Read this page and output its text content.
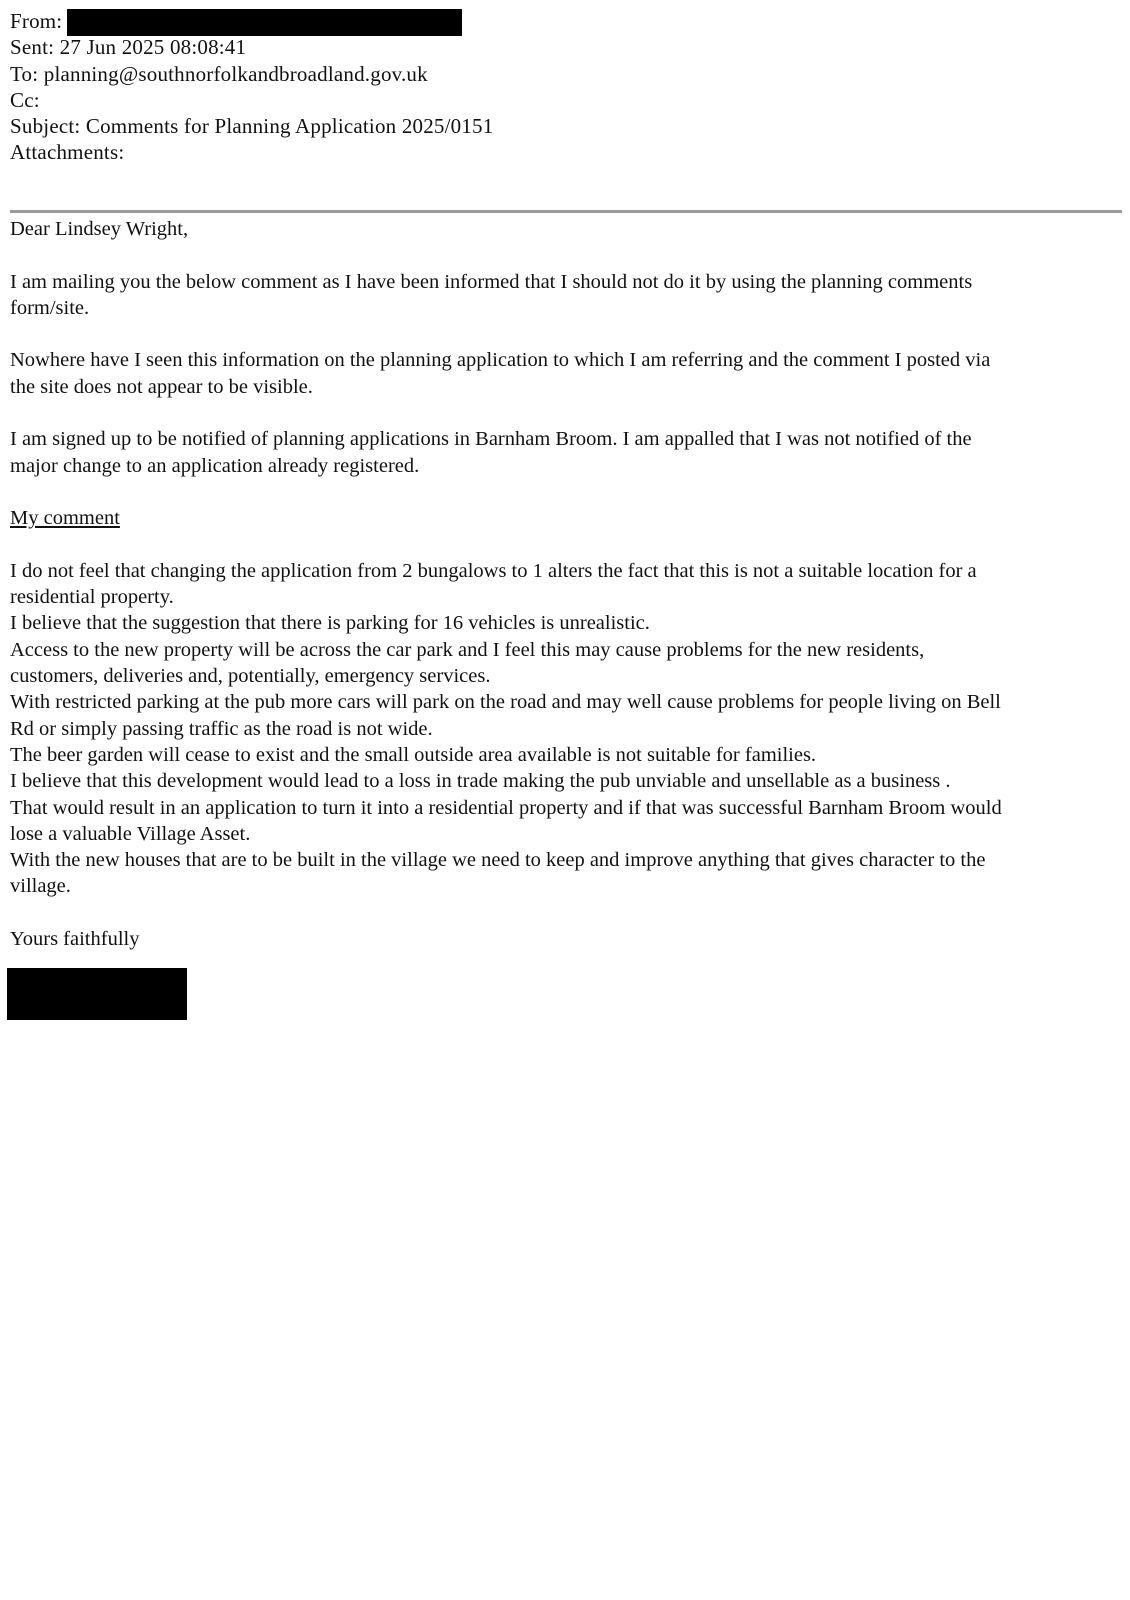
From:
Sent: 27 Jun 2025 08:08:41
To: planning@southnorfolkandbroadland.gov.uk
Cc:
Subject: Comments for Planning Application 2025/0151
Attachments:

Dear Lindsey Wright,

I am mailing you the below comment as I have been informed that I should not do it by using the planning comments
form/site.

Nowhere have I seen this information on the planning application to which I am referring and the comment I posted via
the site does not appear to be visible.

I am signed up to be notified of planning applications in Barnham Broom. I am appalled that I was not notified of the
major change to an application already registered.

My comment

I do not feel that changing the application from 2 bungalows to 1 alters the fact that this is not a suitable location for a
residential property.
I believe that the suggestion that there is parking for 16 vehicles is unrealistic.
Access to the new property will be across the car park and I feel this may cause problems for the new residents,
customers, deliveries and, potentially, emergency services.
With restricted parking at the pub more cars will park on the road and may well cause problems for people living on Bell
Rd or simply passing traffic as the road is not wide.
The beer garden will cease to exist and the small outside area available is not suitable for families.
I believe that this development would lead to a loss in trade making the pub unviable and unsellable as a business .
That would result in an application to turn it into a residential property and if that was successful Barnham Broom would
lose a valuable Village Asset.
With the new houses that are to be built in the village we need to keep and improve anything that gives character to the
village.

Yours faithfully
